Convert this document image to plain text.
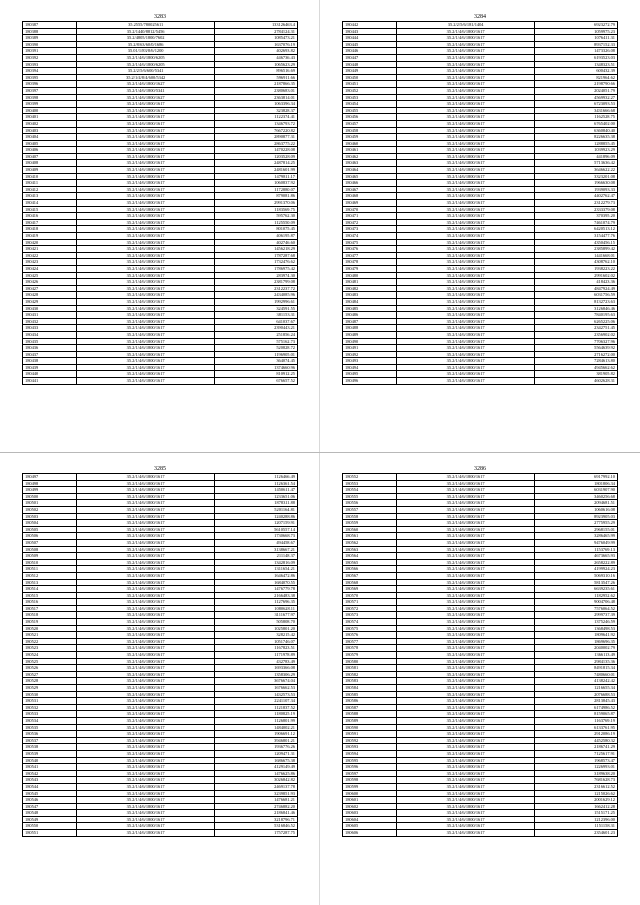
3283
180387	35.2555/780025611	133126463.4
180388	35.2/1440/8812/5456	2784124.31
180389	35.2/4805/1800/7602	1085473.21
180390	35.2/8/63/60/0/1686	1637076.19
180391	35.01/1/83/8/6/1200	402693.82
180392	35.2/1/4/6/1800/6205	446736.43
180393	35.2/1/4/6/1800/6205	1065623.29
180394	35.2/2/5/6/600/5341	896516.69
180395	35.2/1/4/8/4/600/5342	596911.66
180396	35.2/1/4/6/1800/1627	2187866.35
180397	35.2/1/4/6/1800/5341	2380683.01
180398	35.2/1/4/6/1800/1627	2363814.01
180399	35.2/1/4/6/1800/1617	1063396.34
180400	35.2/1/4/6/1800/1617	323828.37
180401	35.2/1/4/6/1800/1617	1122374.41
180402	35.2/1/4/6/1800/1617	1346793.72
180403	35.2/1/4/6/1800/1617	7667220.82
180404	35.2/1/4/6/1800/1617	2890877.31
180405	35.2/1/4/6/1800/1617	2863775.22
180406	35.2/1/4/6/1800/1617	1470228.08
180407	35.2/1/4/6/1800/1617	1203528.09
180408	35.2/1/4/6/1800/1617	2487814.25
180409	35.2/1/4/6/1800/1617	2481601.99
180410	35.2/1/4/6/1800/1617	1479811.17
180411	35.2/1/4/6/1800/1617	1060837.92
180412	35.2/1/4/6/1800/1617	1172880.07
180413	35.2/1/4/6/1800/1617	879081.86
180414	35.2/1/4/6/1800/1617	2991370.06
180415	35.2/1/4/6/1800/1617	1183569.75
180416	35.2/1/4/6/1800/1617	595762.30
180417	35.2/1/4/6/1800/1617	1125550.09
180418	35.2/1/4/6/1800/1617	801075.45
180419	35.2/1/4/6/1800/1617	406195.87
180420	35.2/1/4/6/1800/1617	402746.60
180421	35.2/1/4/6/1800/1617	1456218.29
180422	35.2/1/4/6/1800/1617	1787287.68
180423	35.2/1/4/6/1800/1617	1732476.62
180424	35.2/1/4/6/1800/1617	1786975.42
180425	35.2/1/4/6/1800/1617	283974.30
180426	35.2/1/4/6/1800/1617	2381799.08
180427	35.2/1/4/6/1800/1617	2312237.72
180428	35.2/1/4/6/1800/1617	2434085.96
180429	35.2/1/4/6/1800/1617	1992996.61
180430	35.2/1/4/6/1800/1617	324591.55
180431	35.2/1/4/6/1800/1617	381153.31
180432	35.2/1/4/6/1800/1617	641037.67
180433	35.2/1/4/6/1800/1617	2390443.21
180434	35.2/1/4/6/1800/1617	251856.24
180435	35.2/1/4/6/1800/1617	575162.73
180436	35.2/1/4/6/1800/1617	520828.72
180437	35.2/1/4/6/1800/1617	1196905.01
180438	35.2/1/4/6/1800/1617	364074.45
180439	35.2/1/4/6/1800/1617	1374660.96
180440	35.2/1/4/6/1800/1617	810912.25
180441	35.2/1/4/6/1800/1617	676657.52
3284
180442	35.2/2/5/6/181/1404	6923272.79
180443	35.2/1/4/6/1800/1617	1059975.23
180444	35.2/1/4/6/1800/1617	1076411.31
180445	35.2/1/4/6/1800/1617	8937152.33
180446	35.2/1/4/6/1800/1617	1473326.08
180447	35.2/1/4/6/1800/1617	6193523.03
180448	35.2/1/4/6/1800/1617	1348323.51
180449	35.2/1/4/6/1800/1617	600432.39
180450	35.2/1/4/6/1800/1617	821964.62
180451	35.2/1/4/6/1800/1617	2198790.66
180452	35.2/1/4/6/1800/1617	2024051.79
180453	35.2/1/4/6/1800/1617	4569932.27
180454	35.2/1/4/6/1800/1617	6723093.53
180455	35.2/1/4/6/1800/1617	3431666.68
180456	35.2/1/4/6/1800/1617	1162528.75
180457	35.2/1/4/6/1800/1617	6765402.00
180458	35.2/1/4/6/1800/1617	6360840.40
180459	35.2/1/4/6/1800/1617	8226635.38
180460	35.2/1/4/6/1800/1617	1288855.45
180461	35.2/1/4/6/1800/1617	1039923.29
180462	35.2/1/4/6/1800/1617	441896.09
180463	35.2/1/4/6/1800/1617	5713636.42
180464	35.2/1/4/6/1800/1617	3646622.22
180465	35.2/1/4/6/1800/1617	3323201.08
180466	35.2/1/4/6/1800/1617	1966630.08
180467	35.2/1/4/6/1800/1617	1939093.33
180468	35.2/1/4/6/1800/1617	4402762.47
180469	35.2/1/4/6/1800/1617	2312279.73
180470	35.2/1/4/6/1800/1617	2333379.08
180471	35.2/1/4/6/1800/1617	370395.20
180472	35.2/1/4/6/1800/1617	7461074.79
180473	35.2/1/4/6/1800/1617	6420513.12
180474	35.2/1/4/6/1800/1617	3154477.76
180475	35.2/1/4/6/1800/1617	4350456.15
180476	35.2/1/4/6/1800/1617	2385899.42
180477	35.2/1/4/6/1800/1617	1441668.01
180478	35.2/1/4/6/1800/1617	4308762.10
180479	35.2/1/4/6/1800/1617	1938223.22
180480	35.2/1/4/6/1800/1617	2991602.02
180481	35.2/1/4/6/1800/1617	418423.36
180482	35.2/1/4/6/1800/1617	4847924.49
180483	35.2/1/4/6/1800/1617	6031756.59
180484	35.2/1/4/6/1800/1617	8132723.63
180485	35.2/1/4/6/1800/1617	3126846.46
180486	35.2/1/4/6/1800/1617	7840195.63
180487	35.2/1/4/6/1800/1617	6265225.06
180488	35.2/1/4/6/1800/1617	2342751.45
180489	35.2/1/4/6/1800/1617	2356902.02
180490	35.2/1/4/6/1800/1617	7706327.96
180491	35.2/1/4/6/1800/1617	5564639.92
180492	35.2/1/4/6/1800/1617	2716272.00
180493	35.2/1/4/6/1800/1617	7284613.80
180494	35.2/1/4/6/1800/1617	4945662.62
180495	35.2/1/4/6/1800/1617	381905.82
180496	35.2/1/4/6/1800/1617	4602628.31
3285
180497	35.2/1/4/6/1800/1617	1126466.49
180498	35.2/1/4/6/1800/1617	1126361.54
180499	35.2/1/4/6/1800/1617	1450611.47
180500	35.2/1/4/6/1800/1617	1233651.06
180501	35.2/1/4/6/1800/1617	1878311.88
180502	35.2/1/4/6/1800/1617	5201164.81
180503	35.2/1/4/6/1800/1617	1240288.86
180504	35.2/1/4/6/1800/1617	1207159.91
180505	35.2/1/4/6/1800/1617	5610557.14
180506	35.2/1/4/6/1800/1617	1730668.73
180507	35.2/1/4/6/1800/1617	494458.67
180508	35.2/1/4/6/1800/1617	3138667.21
180509	35.2/1/4/6/1800/1617	211148.37
180510	35.2/1/4/6/1800/1617	1342816.09
180511	35.2/1/4/6/1800/1617	1311654.21
180512	35.2/1/4/6/1800/1617	1646472.86
180513	35.2/1/4/6/1800/1617	1684070.55
180514	35.2/1/4/6/1800/1617	1476779.78
180515	35.2/1/4/6/1800/1617	2166483.38
180516	35.2/1/4/6/1800/1617	1127696.35
180517	35.2/1/4/6/1800/1617	1080628.11
180518	35.2/1/4/6/1800/1617	3111677.97
180519	35.2/1/4/6/1800/1617	505808.70
180520	35.2/1/4/6/1800/1617	1025801.20
180521	35.2/1/4/6/1800/1617	328215.42
180522	35.2/1/4/6/1800/1617	1051746.07
180523	35.2/1/4/6/1800/1617	1167823.51
180524	35.2/1/4/6/1800/1617	1171978.89
180525	35.2/1/4/6/1800/1617	432783.49
180526	35.2/1/4/6/1800/1617	1693366.08
180527	35.2/1/4/6/1800/1617	1358306.29
180528	35.2/1/4/6/1800/1617	3676674.04
180529	35.2/1/4/6/1800/1617	1676662.53
180530	35.2/1/4/6/1800/1617	1432573.53
180531	35.2/1/4/6/1800/1617	2241107.34
180532	35.2/1/4/6/1800/1617	1121837.52
180533	35.2/1/4/6/1800/1617	1180825.19
180534	35.2/1/4/6/1800/1617	1126801.99
180535	35.2/1/4/6/1800/1617	1484002.21
180536	35.2/1/4/6/1800/1617	1906691.12
180537	35.2/1/4/6/1800/1617	3946801.21
180538	35.2/1/4/6/1800/1617	1936776.26
180539	35.2/1/4/6/1800/1617	1209471.31
180540	35.2/1/4/6/1800/1617	1686675.38
180541	35.2/1/4/6/1800/1617	4129149.49
180542	35.2/1/4/6/1800/1617	1476625.86
180543	35.2/1/4/6/1800/1617	3026842.82
180544	35.2/1/4/6/1800/1617	2469137.78
180545	35.2/1/4/6/1800/1617	3239851.93
180546	35.2/1/4/6/1800/1617	1476681.21
180547	35.2/1/4/6/1800/1617	2746882.20
180548	35.2/1/4/6/1800/1617	2186841.46
180549	35.2/1/4/6/1800/1617	3218796.71
180550	35.2/1/4/6/1800/1617	5316846.52
180551	35.2/1/4/6/1800/1617	1757287.75
3286
180552	35.2/1/4/6/1800/1617	6917992.10
180553	35.2/1/4/6/1800/1617	1801806.34
180554	35.2/1/4/6/1800/1617	6031907.90
180555	35.2/1/4/6/1800/1617	3460256.68
180556	35.2/1/4/6/1800/1617	2094681.51
180557	35.2/1/4/6/1800/1617	1060616.08
180558	35.2/1/4/6/1800/1617	8923905.03
180559	35.2/1/4/6/1800/1617	2775955.29
180560	35.2/1/4/6/1800/1617	2968155.01
180561	35.2/1/4/6/1800/1617	3286465.99
180562	35.2/1/4/6/1800/1617	9476049.99
180563	35.2/1/4/6/1800/1617	1153769.13
180564	35.2/1/4/6/1800/1617	4673665.93
180565	35.2/1/4/6/1800/1617	2658222.89
180566	35.2/1/4/6/1800/1617	4199924.23
180567	35.2/1/4/6/1800/1617	5069310.16
180568	35.2/1/4/6/1800/1617	5813547.26
180569	35.2/1/4/6/1800/1617	6639235.61
180570	35.2/1/4/6/1800/1617	1182952.62
180571	35.2/1/4/6/1800/1617	9004706.48
180572	35.2/1/4/6/1800/1617	7576064.52
180573	35.2/1/4/6/1800/1617	2999737.39
180574	35.2/1/4/6/1800/1617	1375246.59
180575	35.2/1/4/6/1800/1617	1368498.53
180576	35.2/1/4/6/1800/1617	1809641.92
180577	35.2/1/4/6/1800/1617	1869696.35
180578	35.2/1/4/6/1800/1617	2040002.79
180579	35.2/1/4/6/1800/1617	1366113.49
180580	35.2/1/4/6/1800/1617	2984135.36
180581	35.2/1/4/6/1800/1617	8491815.34
180582	35.2/1/4/6/1800/1617	7480660.01
180583	35.2/1/4/6/1800/1617	4138242.42
180584	35.2/1/4/6/1800/1617	1216655.34
180585	35.2/1/4/6/1800/1617	2076688.53
180586	35.2/1/4/6/1800/1617	2813845.43
180587	35.2/1/4/6/1800/1617	6174986.52
180588	35.2/1/4/6/1800/1617	8159065.87
180589	35.2/1/4/6/1800/1617	1163769.19
180590	35.2/1/4/6/1800/1617	6133761.95
180591	35.2/1/4/6/1800/1617	2912086.19
180592	35.2/1/4/6/1800/1617	4452580.32
180593	35.2/1/4/6/1800/1617	2186741.29
180594	35.2/1/4/6/1800/1617	7125617.91
180595	35.2/1/4/6/1800/1617	1968573.47
180596	35.2/1/4/6/1800/1617	1226993.01
180597	35.2/1/4/6/1800/1617	3189638.20
180598	35.2/1/4/6/1800/1617	7681628.73
180599	35.2/1/4/6/1800/1617	2316612.52
180600	35.2/1/4/6/1800/1617	1215026.62
180601	35.2/1/4/6/1800/1617	2001629.12
180602	35.2/1/4/6/1800/1617	1662412.28
180603	35.2/1/4/6/1800/1617	1515171.25
180604	35.2/1/4/6/1800/1617	1212396.00
180605	35.2/1/4/6/1800/1617	1151158.31
180606	35.2/1/4/6/1800/1617	2354601.23
